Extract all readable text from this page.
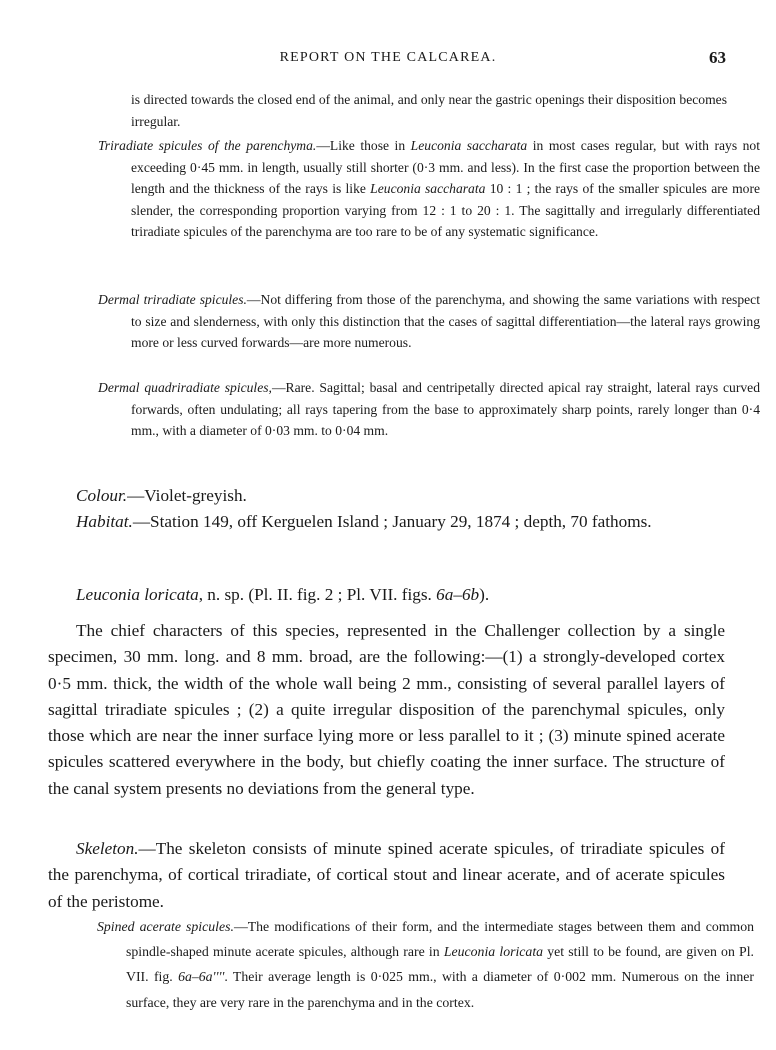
REPORT ON THE CALCAREA.	63
is directed towards the closed end of the animal, and only near the gastric openings their disposition becomes irregular.
Triradiate spicules of the parenchyma.—Like those in Leuconia saccharata in most cases regular, but with rays not exceeding 0·45 mm. in length, usually still shorter (0·3 mm. and less). In the first case the proportion between the length and the thickness of the rays is like Leuconia saccharata 10 : 1 ; the rays of the smaller spicules are more slender, the corresponding proportion varying from 12 : 1 to 20 : 1. The sagittally and irregularly differentiated triradiate spicules of the parenchyma are too rare to be of any systematic significance.
Dermal triradiate spicules.—Not differing from those of the parenchyma, and showing the same variations with respect to size and slenderness, with only this distinction that the cases of sagittal differentiation—the lateral rays growing more or less curved forwards—are more numerous.
Dermal quadriradiate spicules,—Rare. Sagittal; basal and centripetally directed apical ray straight, lateral rays curved forwards, often undulating; all rays tapering from the base to approximately sharp points, rarely longer than 0·4 mm., with a diameter of 0·03 mm. to 0·04 mm.
Colour.—Violet-greyish.
Habitat.—Station 149, off Kerguelen Island ; January 29, 1874 ; depth, 70 fathoms.
Leuconia loricata, n. sp. (Pl. II. fig. 2 ; Pl. VII. figs. 6a–6b).
The chief characters of this species, represented in the Challenger collection by a single specimen, 30 mm. long. and 8 mm. broad, are the following:—(1) a strongly-developed cortex 0·5 mm. thick, the width of the whole wall being 2 mm., consisting of several parallel layers of sagittal triradiate spicules ; (2) a quite irregular disposition of the parenchymal spicules, only those which are near the inner surface lying more or less parallel to it ; (3) minute spined acerate spicules scattered everywhere in the body, but chiefly coating the inner surface. The structure of the canal system presents no deviations from the general type.
Skeleton.—The skeleton consists of minute spined acerate spicules, of triradiate spicules of the parenchyma, of cortical triradiate, of cortical stout and linear acerate, and of acerate spicules of the peristome.
Spined acerate spicules.—The modifications of their form, and the intermediate stages between them and common spindle-shaped minute acerate spicules, although rare in Leuconia loricata yet still to be found, are given on Pl. VII. fig. 6a–6a''''. Their average length is 0·025 mm., with a diameter of 0·002 mm. Numerous on the inner surface, they are very rare in the parenchyma and in the cortex.
